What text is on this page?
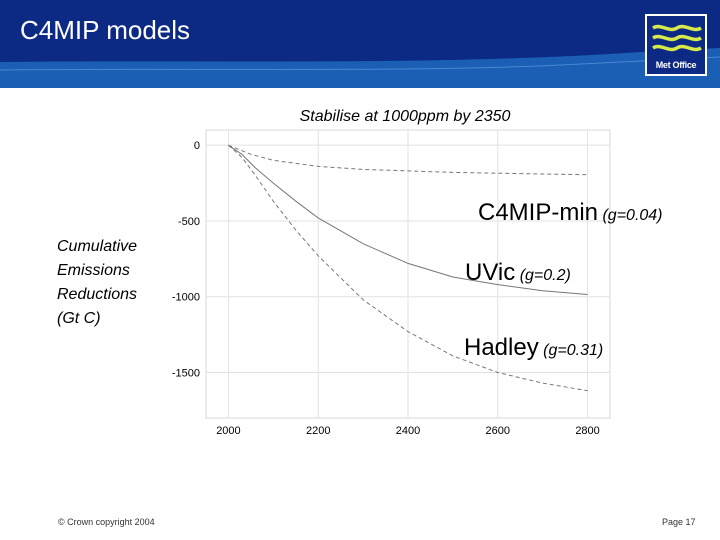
C4MIP models
Met Office
Stabilise at 1000ppm by 2350
Cumulative
Emissions
Reductions
(Gt C)
2000	2200	2400	2600	2800
0
-500
-1000
-1500
C4MIP-min (g=0.04)
UVic (g=0.2)
Hadley (g=0.31)
© Crown copyright 2004	Page 17
